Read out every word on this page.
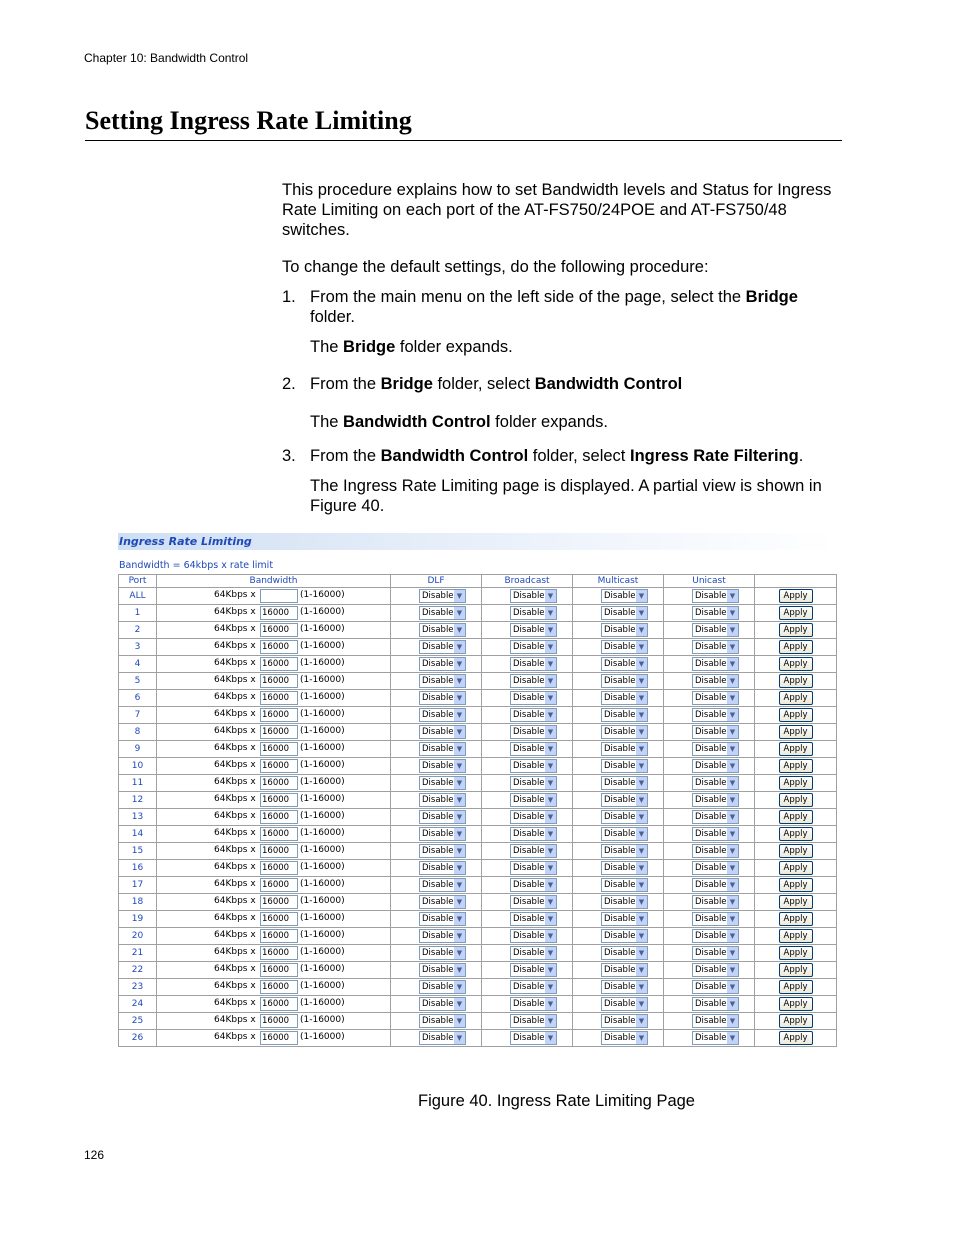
Chapter 10: Bandwidth Control
Setting Ingress Rate Limiting

This procedure explains how to set Bandwidth levels and Status for Ingress Rate Limiting on each port of the AT-FS750/24POE and AT-FS750/48 switches.

To change the default settings, do the following procedure:

1. From the main menu on the left side of the page, select the Bridge folder.

The Bridge folder expands.

2. From the Bridge folder, select Bandwidth Control

The Bandwidth Control folder expands.

3. From the Bandwidth Control folder, select Ingress Rate Filtering.

The Ingress Rate Limiting page is displayed. A partial view is shown in Figure 40.

Ingress Rate Limiting
Bandwidth = 64kbps x rate limit
Port	Bandwidth	DLF	Broadcast	Multicast	Unicast	
ALL	64Kbps x (1-16000)	Disable ▼	Disable ▼	Disable ▼	Disable ▼	Apply
1	64Kbps x 16000 (1-16000)	Disable ▼	Disable ▼	Disable ▼	Disable ▼	Apply
2	64Kbps x 16000 (1-16000)	Disable ▼	Disable ▼	Disable ▼	Disable ▼	Apply
3	64Kbps x 16000 (1-16000)	Disable ▼	Disable ▼	Disable ▼	Disable ▼	Apply
4	64Kbps x 16000 (1-16000)	Disable ▼	Disable ▼	Disable ▼	Disable ▼	Apply
5	64Kbps x 16000 (1-16000)	Disable ▼	Disable ▼	Disable ▼	Disable ▼	Apply
6	64Kbps x 16000 (1-16000)	Disable ▼	Disable ▼	Disable ▼	Disable ▼	Apply
7	64Kbps x 16000 (1-16000)	Disable ▼	Disable ▼	Disable ▼	Disable ▼	Apply
8	64Kbps x 16000 (1-16000)	Disable ▼	Disable ▼	Disable ▼	Disable ▼	Apply
9	64Kbps x 16000 (1-16000)	Disable ▼	Disable ▼	Disable ▼	Disable ▼	Apply
10	64Kbps x 16000 (1-16000)	Disable ▼	Disable ▼	Disable ▼	Disable ▼	Apply
11	64Kbps x 16000 (1-16000)	Disable ▼	Disable ▼	Disable ▼	Disable ▼	Apply
12	64Kbps x 16000 (1-16000)	Disable ▼	Disable ▼	Disable ▼	Disable ▼	Apply
13	64Kbps x 16000 (1-16000)	Disable ▼	Disable ▼	Disable ▼	Disable ▼	Apply
14	64Kbps x 16000 (1-16000)	Disable ▼	Disable ▼	Disable ▼	Disable ▼	Apply
15	64Kbps x 16000 (1-16000)	Disable ▼	Disable ▼	Disable ▼	Disable ▼	Apply
16	64Kbps x 16000 (1-16000)	Disable ▼	Disable ▼	Disable ▼	Disable ▼	Apply
17	64Kbps x 16000 (1-16000)	Disable ▼	Disable ▼	Disable ▼	Disable ▼	Apply
18	64Kbps x 16000 (1-16000)	Disable ▼	Disable ▼	Disable ▼	Disable ▼	Apply
19	64Kbps x 16000 (1-16000)	Disable ▼	Disable ▼	Disable ▼	Disable ▼	Apply
20	64Kbps x 16000 (1-16000)	Disable ▼	Disable ▼	Disable ▼	Disable ▼	Apply
21	64Kbps x 16000 (1-16000)	Disable ▼	Disable ▼	Disable ▼	Disable ▼	Apply
22	64Kbps x 16000 (1-16000)	Disable ▼	Disable ▼	Disable ▼	Disable ▼	Apply
23	64Kbps x 16000 (1-16000)	Disable ▼	Disable ▼	Disable ▼	Disable ▼	Apply
24	64Kbps x 16000 (1-16000)	Disable ▼	Disable ▼	Disable ▼	Disable ▼	Apply
25	64Kbps x 16000 (1-16000)	Disable ▼	Disable ▼	Disable ▼	Disable ▼	Apply
26	64Kbps x 16000 (1-16000)	Disable ▼	Disable ▼	Disable ▼	Disable ▼	Apply
Figure 40. Ingress Rate Limiting Page
126
